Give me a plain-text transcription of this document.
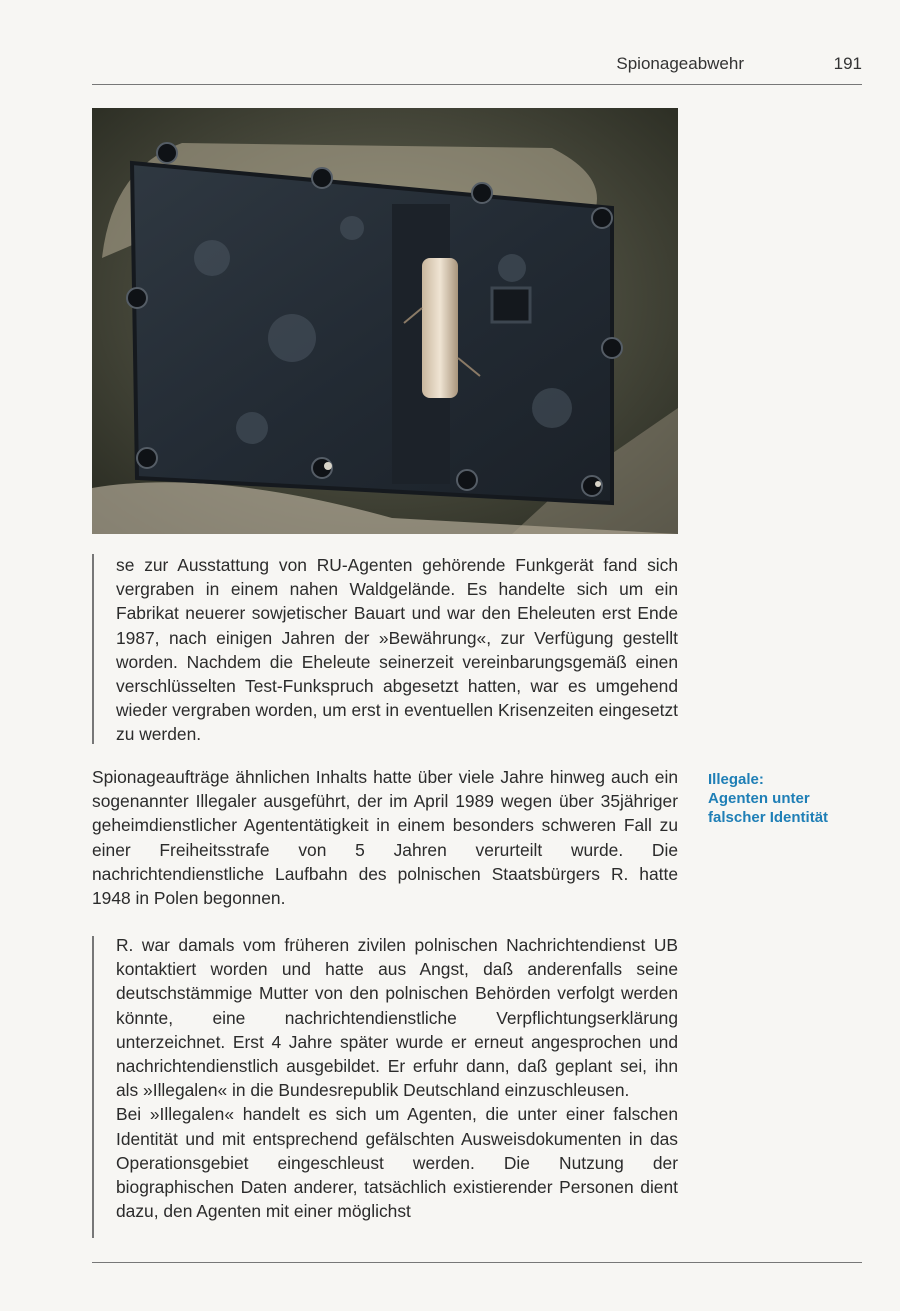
Spionageabwehr	191

se zur Ausstattung von RU-Agenten gehörende Funkgerät fand sich vergraben in einem nahen Waldgelände. Es handelte sich um ein Fabrikat neuerer sowjetischer Bauart und war den Eheleuten erst Ende 1987, nach einigen Jahren der »Bewährung«, zur Verfügung gestellt worden. Nachdem die Eheleute seinerzeit vereinbarungsgemäß einen verschlüsselten Test-Funkspruch abgesetzt hatten, war es umgehend wieder vergraben worden, um erst in eventuellen Krisenzeiten eingesetzt zu werden.

Spionageaufträge ähnlichen Inhalts hatte über viele Jahre hinweg auch ein sogenannter Illegaler ausgeführt, der im April 1989 wegen über 35jähriger geheimdienstlicher Agententätigkeit in einem besonders schweren Fall zu einer Freiheitsstrafe von 5 Jahren verurteilt wurde. Die nachrichtendienstliche Laufbahn des polnischen Staatsbürgers R. hatte 1948 in Polen begonnen.

Illegale:
Agenten unter
falscher Identität

R. war damals vom früheren zivilen polnischen Nachrichtendienst UB kontaktiert worden und hatte aus Angst, daß anderenfalls seine deutschstämmige Mutter von den polnischen Behörden verfolgt werden könnte, eine nachrichtendienstliche Verpflichtungserklärung unterzeichnet. Erst 4 Jahre später wurde er erneut angesprochen und nachrichtendienstlich ausgebildet. Er erfuhr dann, daß geplant sei, ihn als »Illegalen« in die Bundesrepublik Deutschland einzuschleusen.

Bei »Illegalen« handelt es sich um Agenten, die unter einer falschen Identität und mit entsprechend gefälschten Ausweisdokumenten in das Operationsgebiet eingeschleust werden. Die Nutzung der biographischen Daten anderer, tatsächlich existierender Personen dient dazu, den Agenten mit einer möglichst
